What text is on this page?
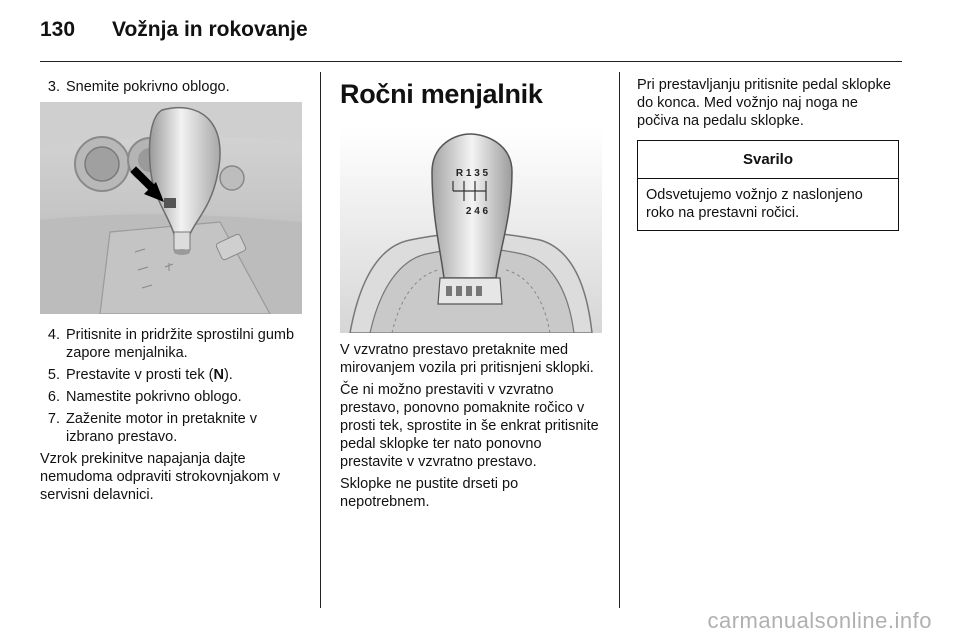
130	Vožnja in rokovanje
3. Snemite pokrivno oblogo.
4. Pritisnite in pridržite sprostilni gumb zapore menjalnika.
5. Prestavite v prosti tek (N).
6. Namestite pokrivno oblogo.
7. Zaženite motor in pretaknite v izbrano prestavo.

Vzrok prekinitve napajanja dajte nemudoma odpraviti strokovnjakom v servisni delavnici.

Ročni menjalnik
R 1 3 5
2 4 6

V vzvratno prestavo pretaknite med mirovanjem vozila pri pritisnjeni sklopki.

Če ni možno prestaviti v vzvratno prestavo, ponovno pomaknite ročico v prosti tek, sprostite in še enkrat pritisnite pedal sklopke ter nato ponovno prestavite v vzvratno prestavo.

Sklopke ne pustite drseti po nepotrebnem.

Pri prestavljanju pritisnite pedal sklopke do konca. Med vožnjo naj noga ne počiva na pedalu sklopke.

Svarilo
Odsvetujemo vožnjo z naslonjeno roko na prestavni ročici.
carmanualsonline.info
